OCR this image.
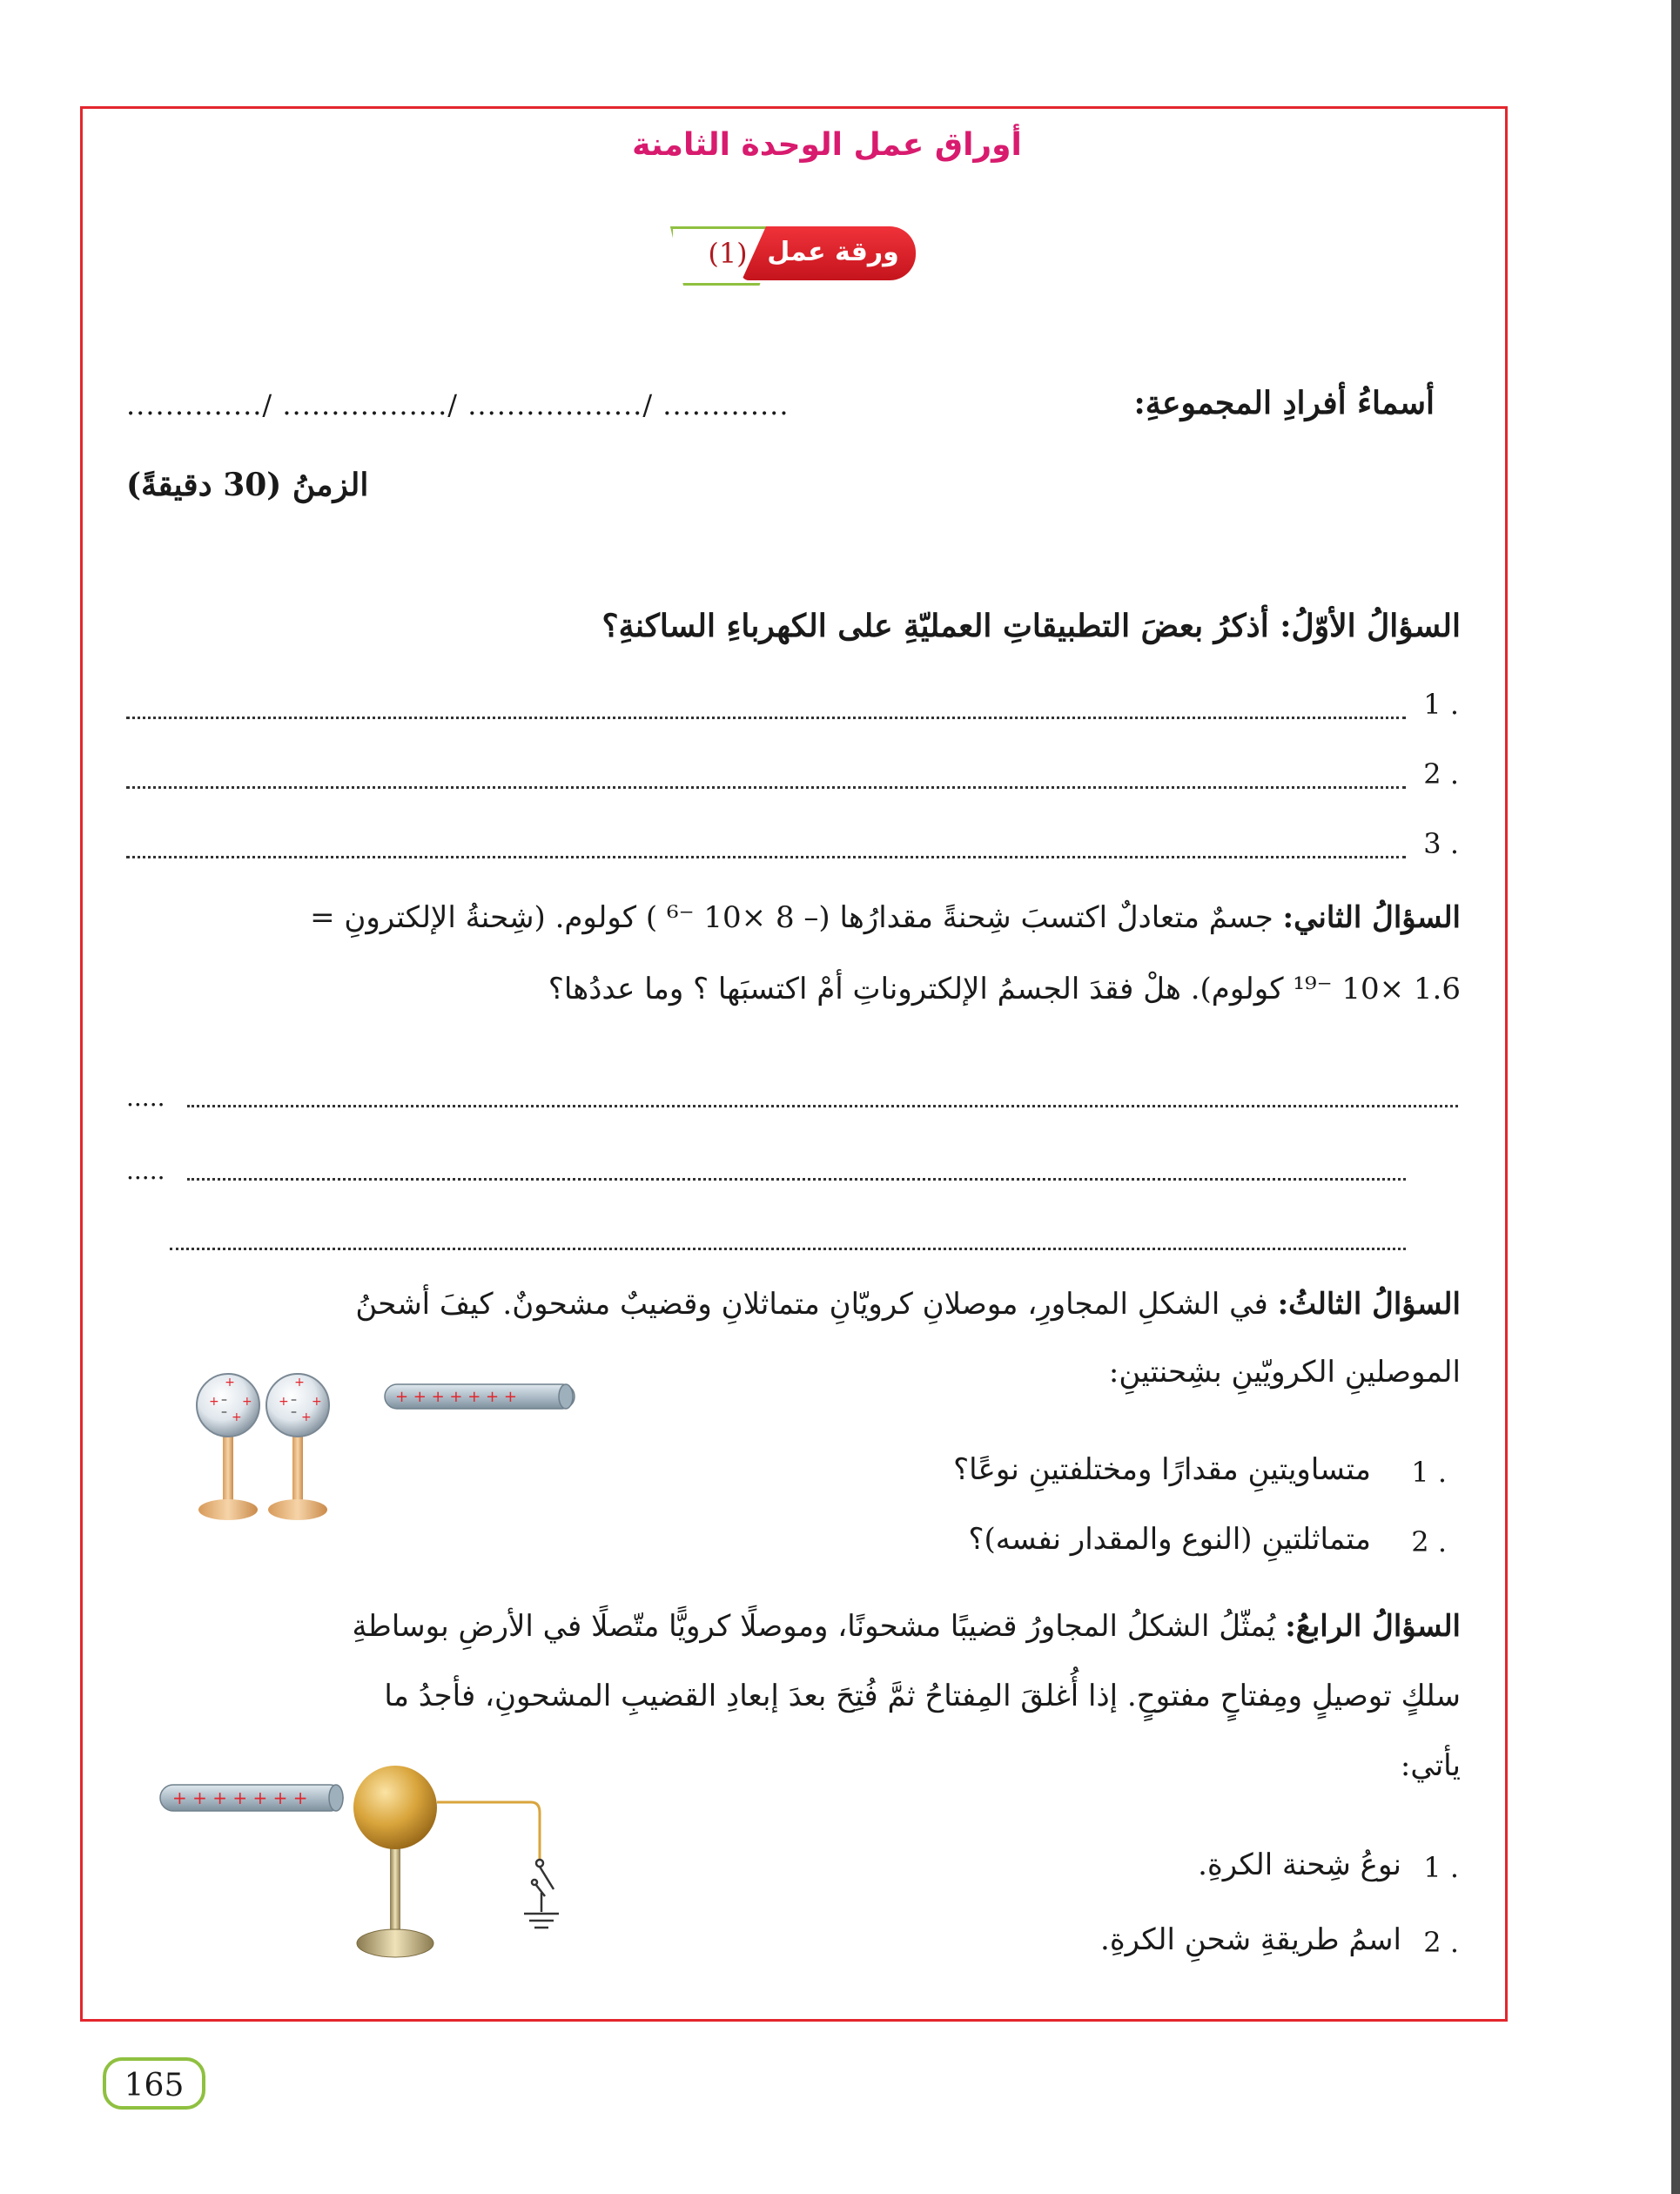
أوراق عمل الوحدة الثامنة
(1) ورقة عمل
أسماءُ أفرادِ المجموعةِ:
............../ ................./ ................../ .............
الزمنُ (30 دقيقةً)
السؤالُ الأوّلُ: أذكرُ بعضَ التطبيقاتِ العمليّةِ على الكهرباءِ الساكنةِ؟
1 .
2 .
3 .
السؤالُ الثاني: جسمٌ متعادلٌ اكتسبَ شِحنةً مقدارُها (– 8 ×10 ⁻⁶ ) كولوم. (شِحنةُ الإلكترونِ =
1.6 ×10 ⁻¹⁹ كولوم). هلْ فقدَ الجسمُ الإلكتروناتِ أمْ اكتسبَها ؟ وما عددُها؟
.....
.....
السؤالُ الثالثُ: في الشكلِ المجاورِ، موصلانِ كرويّانِ متماثلانِ وقضيبٌ مشحونٌ. كيفَ أشحنُ
الموصلينِ الكرويّينِ بشِحنتينِ:
1 .
متساويتينِ مقدارًا ومختلفتينِ نوعًا؟
2 .
متماثلتينِ (النوع والمقدار نفسه)؟
+
+ –
– +
+
+
+ –
– +
+	+ + + + + + +
السؤالُ الرابعُ: يُمثّلُ الشكلُ المجاورُ قضيبًا مشحونًا، وموصلًا كرويًّا متّصلًا في الأرضِ بوساطةِ
سلكٍ توصيلٍ ومِفتاحٍ مفتوحٍ. إذا أُغلقَ المِفتاحُ ثمَّ فُتِحَ بعدَ إبعادِ القضيبِ المشحونِ، فأجدُ ما
يأتي:
1 .
نوعُ شِحنة الكرةِ.
2 .
اسمُ طريقةِ شحنِ الكرةِ.
+ + + + + + +
165
